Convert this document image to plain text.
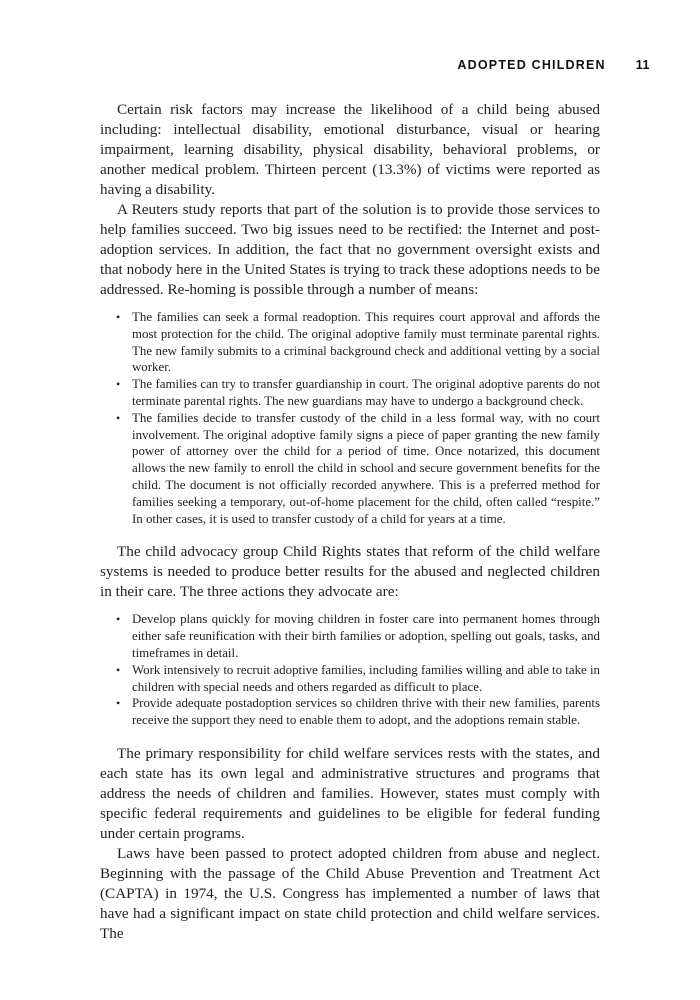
ADOPTED CHILDREN 11

Certain risk factors may increase the likelihood of a child being abused including: intellectual disability, emotional disturbance, visual or hearing impairment, learning disability, physical disability, behavioral problems, or another medical problem. Thirteen percent (13.3%) of victims were reported as having a disability.

A Reuters study reports that part of the solution is to provide those services to help families succeed. Two big issues need to be rectified: the Internet and post-adoption services. In addition, the fact that no government oversight exists and that nobody here in the United States is trying to track these adoptions needs to be addressed. Re-homing is possible through a number of means:

• The families can seek a formal readoption. This requires court approval and affords the most protection for the child. The original adoptive family must terminate parental rights. The new family submits to a criminal background check and additional vetting by a social worker.
• The families can try to transfer guardianship in court. The original adoptive parents do not terminate parental rights. The new guardians may have to undergo a background check.
• The families decide to transfer custody of the child in a less formal way, with no court involvement. The original adoptive family signs a piece of paper granting the new family power of attorney over the child for a period of time. Once notarized, this document allows the new family to enroll the child in school and secure government benefits for the child. The document is not officially recorded anywhere. This is a preferred method for families seeking a temporary, out-of-home placement for the child, often called “respite.” In other cases, it is used to transfer custody of a child for years at a time.

The child advocacy group Child Rights states that reform of the child welfare systems is needed to produce better results for the abused and neglected children in their care. The three actions they advocate are:

• Develop plans quickly for moving children in foster care into permanent homes through either safe reunification with their birth families or adoption, spelling out goals, tasks, and timeframes in detail.
• Work intensively to recruit adoptive families, including families willing and able to take in children with special needs and others regarded as difficult to place.
• Provide adequate postadoption services so children thrive with their new families, parents receive the support they need to enable them to adopt, and the adoptions remain stable.

The primary responsibility for child welfare services rests with the states, and each state has its own legal and administrative structures and programs that address the needs of children and families. However, states must comply with specific federal requirements and guidelines to be eligible for federal funding under certain programs.

Laws have been passed to protect adopted children from abuse and neglect. Beginning with the passage of the Child Abuse Prevention and Treatment Act (CAPTA) in 1974, the U.S. Congress has implemented a number of laws that have had a significant impact on state child protection and child welfare services. The
